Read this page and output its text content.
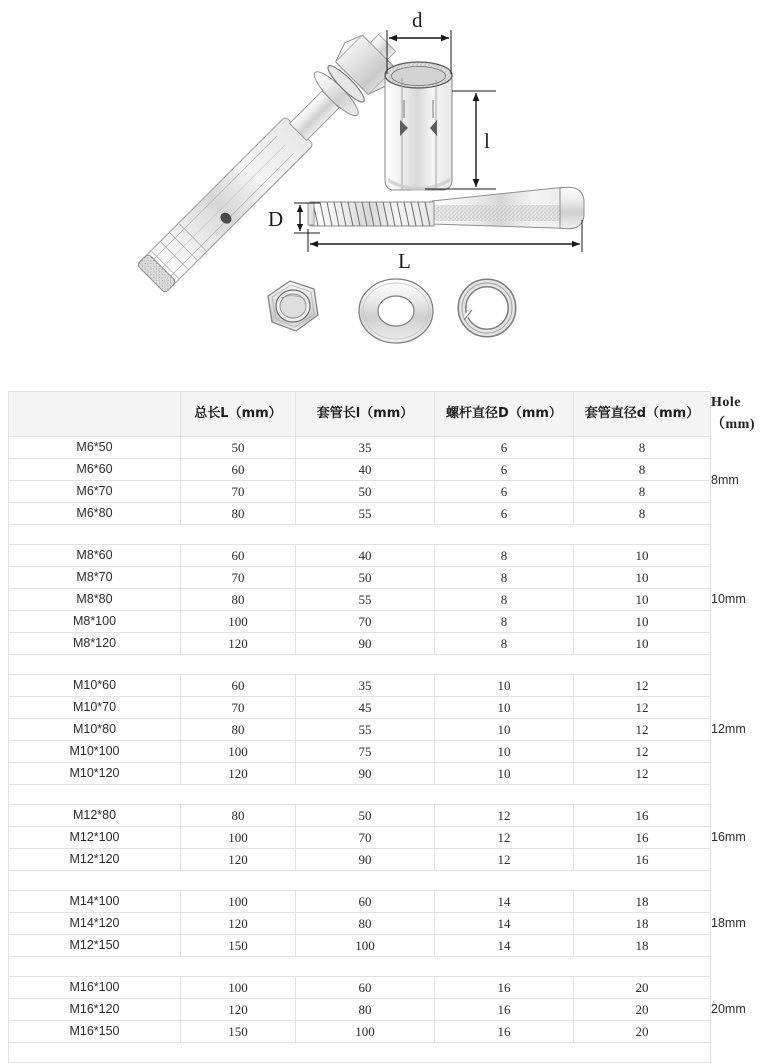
d
l
D
L
	总长L（mm）	套管长l（mm）	螺杆直径D（mm）	套管直径d（mm）	Hole （mm)
M6*50	50	35	6	8	8mm
M6*60	60	40	6	8	
M6*70	70	50	6	8	
M6*80	80	55	6	8	

M8*60	60	40	8	10	10mm
M8*70	70	50	8	10	
M8*80	80	55	8	10	
M8*100	100	70	8	10	
M8*120	120	90	8	10	

M10*60	60	35	10	12	12mm
M10*70	70	45	10	12	
M10*80	80	55	10	12	
M10*100	100	75	10	12	
M10*120	120	90	10	12	

M12*80	80	50	12	16	16mm
M12*100	100	70	12	16	
M12*120	120	90	12	16	

M14*100	100	60	14	18	18mm
M14*120	120	80	14	18	
M12*150	150	100	14	18	

M16*100	100	60	16	20	20mm
M16*120	120	80	16	20	
M16*150	150	100	16	20	
